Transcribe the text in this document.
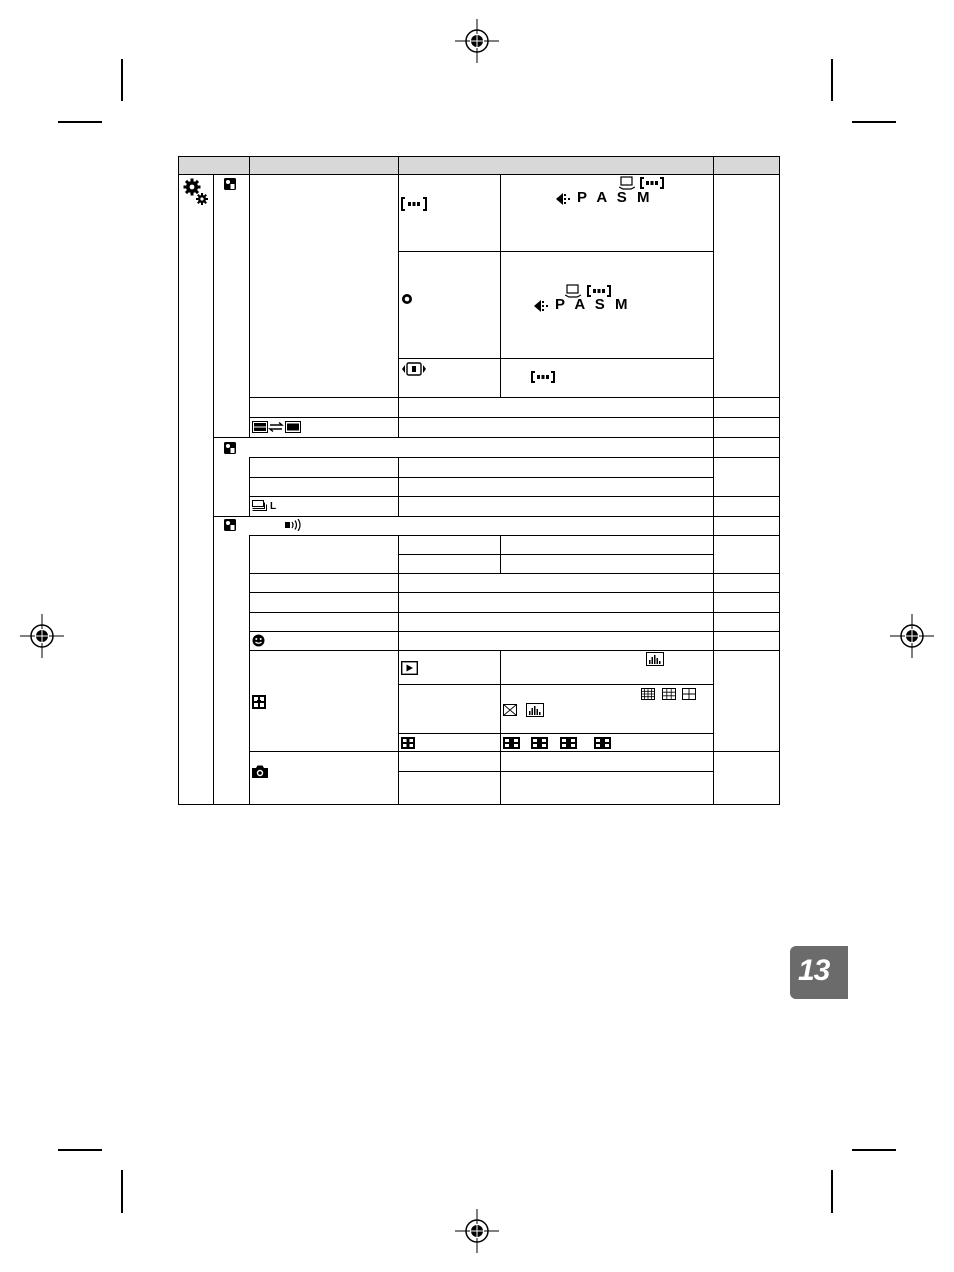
P A S M
P A S M
L
13
